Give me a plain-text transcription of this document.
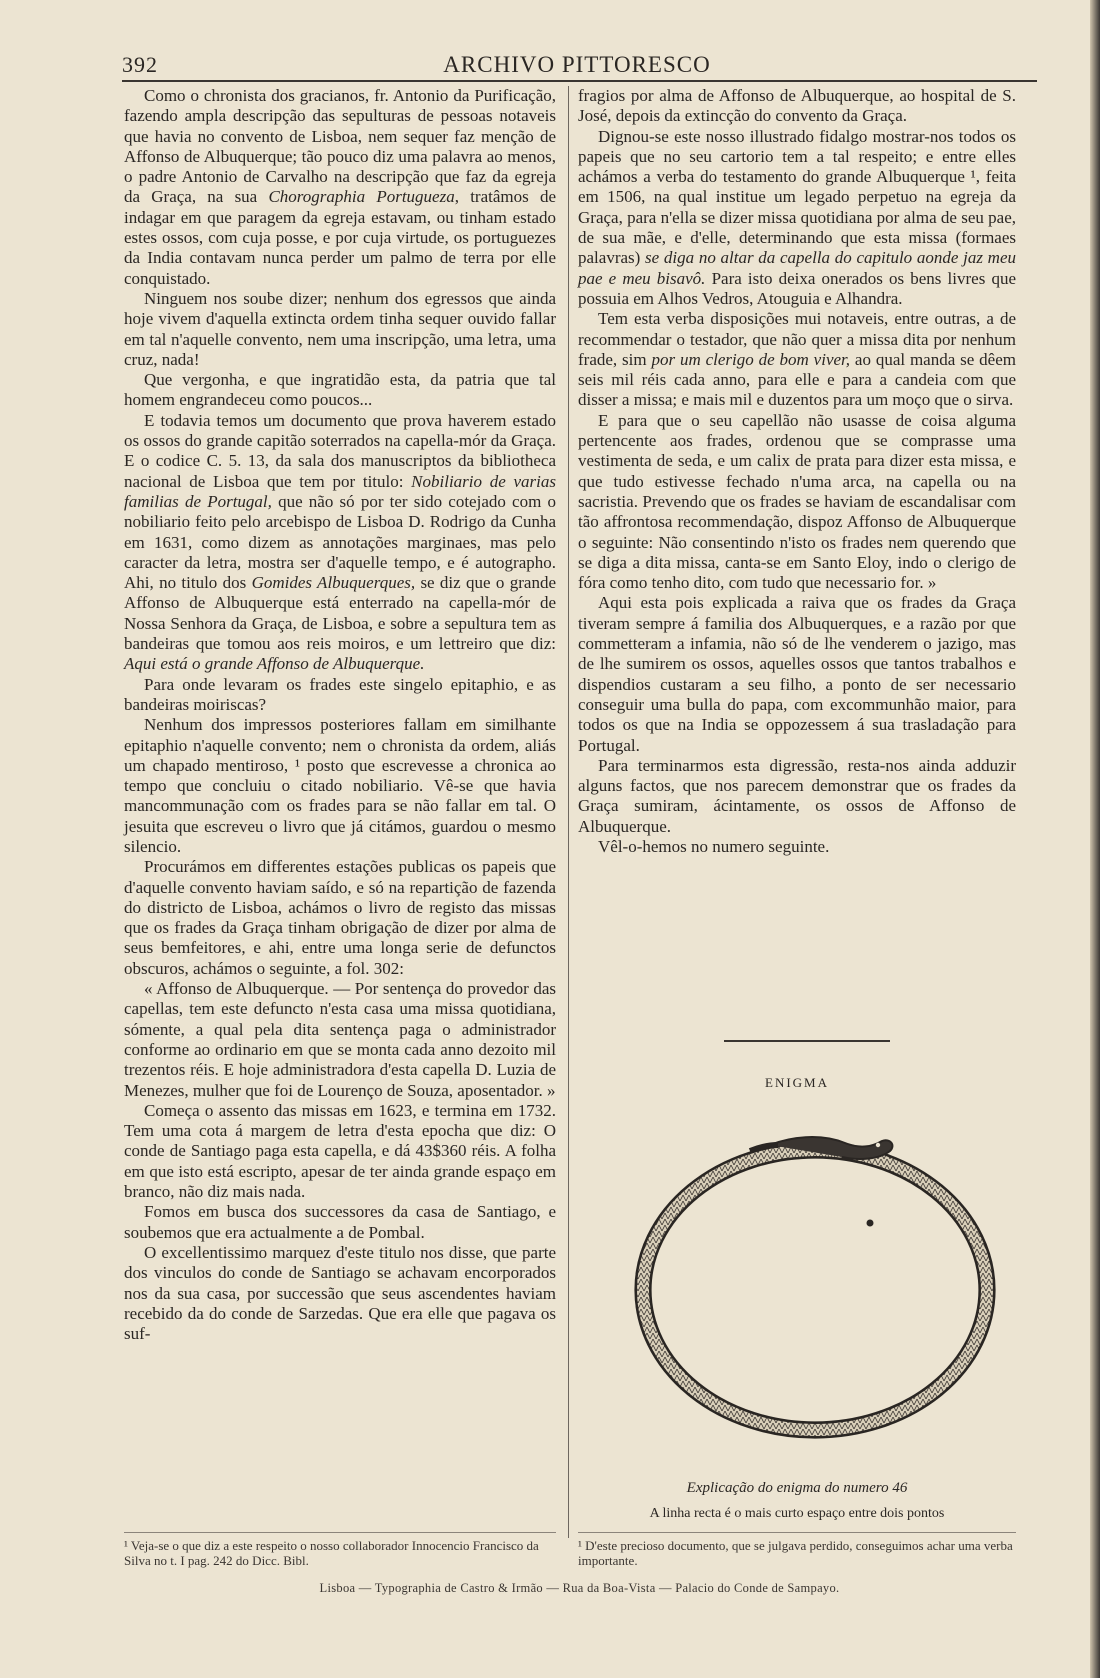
392	ARCHIVO PITTORESCO

Como o chronista dos gracianos, fr. Antonio da Purificação, fazendo ampla descripção das sepulturas de pessoas notaveis que havia no convento de Lisboa, nem sequer faz menção de Affonso de Albuquerque; tão pouco diz uma palavra ao menos, o padre Antonio de Carvalho na descripção que faz da egreja da Graça, na sua Chorographia Portugueza, tratâmos de indagar em que paragem da egreja estavam, ou tinham estado estes ossos, com cuja posse, e por cuja virtude, os portuguezes da India contavam nunca perder um palmo de terra por elle conquistado.

Ninguem nos soube dizer; nenhum dos egressos que ainda hoje vivem d'aquella extincta ordem tinha sequer ouvido fallar em tal n'aquelle convento, nem uma inscripção, uma letra, uma cruz, nada!

Que vergonha, e que ingratidão esta, da patria que tal homem engrandeceu como poucos...

E todavia temos um documento que prova haverem estado os ossos do grande capitão soterrados na capella-mór da Graça. E o codice C. 5. 13, da sala dos manuscriptos da bibliotheca nacional de Lisboa que tem por titulo: Nobiliario de varias familias de Portugal, que não só por ter sido cotejado com o nobiliario feito pelo arcebispo de Lisboa D. Rodrigo da Cunha em 1631, como dizem as annotações marginaes, mas pelo caracter da letra, mostra ser d'aquelle tempo, e é autographo. Ahi, no titulo dos Gomides Albuquerques, se diz que o grande Affonso de Albuquerque está enterrado na capella-mór de Nossa Senhora da Graça, de Lisboa, e sobre a sepultura tem as bandeiras que tomou aos reis moiros, e um lettreiro que diz: Aqui está o grande Affonso de Albuquerque.

Para onde levaram os frades este singelo epitaphio, e as bandeiras moiriscas?

Nenhum dos impressos posteriores fallam em similhante epitaphio n'aquelle convento; nem o chronista da ordem, aliás um chapado mentiroso, ¹ posto que escrevesse a chronica ao tempo que concluiu o citado nobiliario. Vê-se que havia mancommunação com os frades para se não fallar em tal. O jesuita que escreveu o livro que já citámos, guardou o mesmo silencio.

Procurámos em differentes estações publicas os papeis que d'aquelle convento haviam saído, e só na repartição de fazenda do districto de Lisboa, achámos o livro de registo das missas que os frades da Graça tinham obrigação de dizer por alma de seus bemfeitores, e ahi, entre uma longa serie de defunctos obscuros, achámos o seguinte, a fol. 302:

« Affonso de Albuquerque. — Por sentença do provedor das capellas, tem este defuncto n'esta casa uma missa quotidiana, sómente, a qual pela dita sentença paga o administrador conforme ao ordinario em que se monta cada anno dezoito mil trezentos réis. E hoje administradora d'esta capella D. Luzia de Menezes, mulher que foi de Lourenço de Souza, aposentador. »

Começa o assento das missas em 1623, e termina em 1732. Tem uma cota á margem de letra d'esta epocha que diz: O conde de Santiago paga esta capella, e dá 43$360 réis. A folha em que isto está escripto, apesar de ter ainda grande espaço em branco, não diz mais nada.

Fomos em busca dos successores da casa de Santiago, e soubemos que era actualmente a de Pombal.

O excellentissimo marquez d'este titulo nos disse, que parte dos vinculos do conde de Santiago se achavam encorporados nos da sua casa, por successão que seus ascendentes haviam recebido da do conde de Sarzedas. Que era elle que pagava os suf-

fragios por alma de Affonso de Albuquerque, ao hospital de S. José, depois da extincção do convento da Graça.

Dignou-se este nosso illustrado fidalgo mostrar-nos todos os papeis que no seu cartorio tem a tal respeito; e entre elles achámos a verba do testamento do grande Albuquerque ¹, feita em 1506, na qual institue um legado perpetuo na egreja da Graça, para n'ella se dizer missa quotidiana por alma de seu pae, de sua mãe, e d'elle, determinando que esta missa (formaes palavras) se diga no altar da capella do capitulo aonde jaz meu pae e meu bisavô. Para isto deixa onerados os bens livres que possuia em Alhos Vedros, Atouguia e Alhandra.

Tem esta verba disposições mui notaveis, entre outras, a de recommendar o testador, que não quer a missa dita por nenhum frade, sim por um clerigo de bom viver, ao qual manda se dêem seis mil réis cada anno, para elle e para a candeia com que disser a missa; e mais mil e duzentos para um moço que o sirva.

E para que o seu capellão não usasse de coisa alguma pertencente aos frades, ordenou que se comprasse uma vestimenta de seda, e um calix de prata para dizer esta missa, e que tudo estivesse fechado n'uma arca, na capella ou na sacristia. Prevendo que os frades se haviam de escandalisar com tão affrontosa recommendação, dispoz Affonso de Albuquerque o seguinte: Não consentindo n'isto os frades nem querendo que se diga a dita missa, canta-se em Santo Eloy, indo o clerigo de fóra como tenho dito, com tudo que necessario for. »

Aqui esta pois explicada a raiva que os frades da Graça tiveram sempre á familia dos Albuquerques, e a razão por que commetteram a infamia, não só de lhe venderem o jazigo, mas de lhe sumirem os ossos, aquelles ossos que tantos trabalhos e dispendios custaram a seu filho, a ponto de ser necessario conseguir uma bulla do papa, com excommunhão maior, para todos os que na India se oppozessem á sua trasladação para Portugal.

Para terminarmos esta digressão, resta-nos ainda adduzir alguns factos, que nos parecem demonstrar que os frades da Graça sumiram, ácintamente, os ossos de Affonso de Albuquerque.

Vêl-o-hemos no numero seguinte.

ENIGMA
Explicação do enigma do numero 46
A linha recta é o mais curto espaço entre dois pontos
¹ Veja-se o que diz a este respeito o nosso collaborador Innocencio Francisco da Silva no t. I pag. 242 do Dicc. Bibl.
¹ D'este precioso documento, que se julgava perdido, conseguimos achar uma verba importante.
Lisboa — Typographia de Castro & Irmão — Rua da Boa-Vista — Palacio do Conde de Sampayo.
